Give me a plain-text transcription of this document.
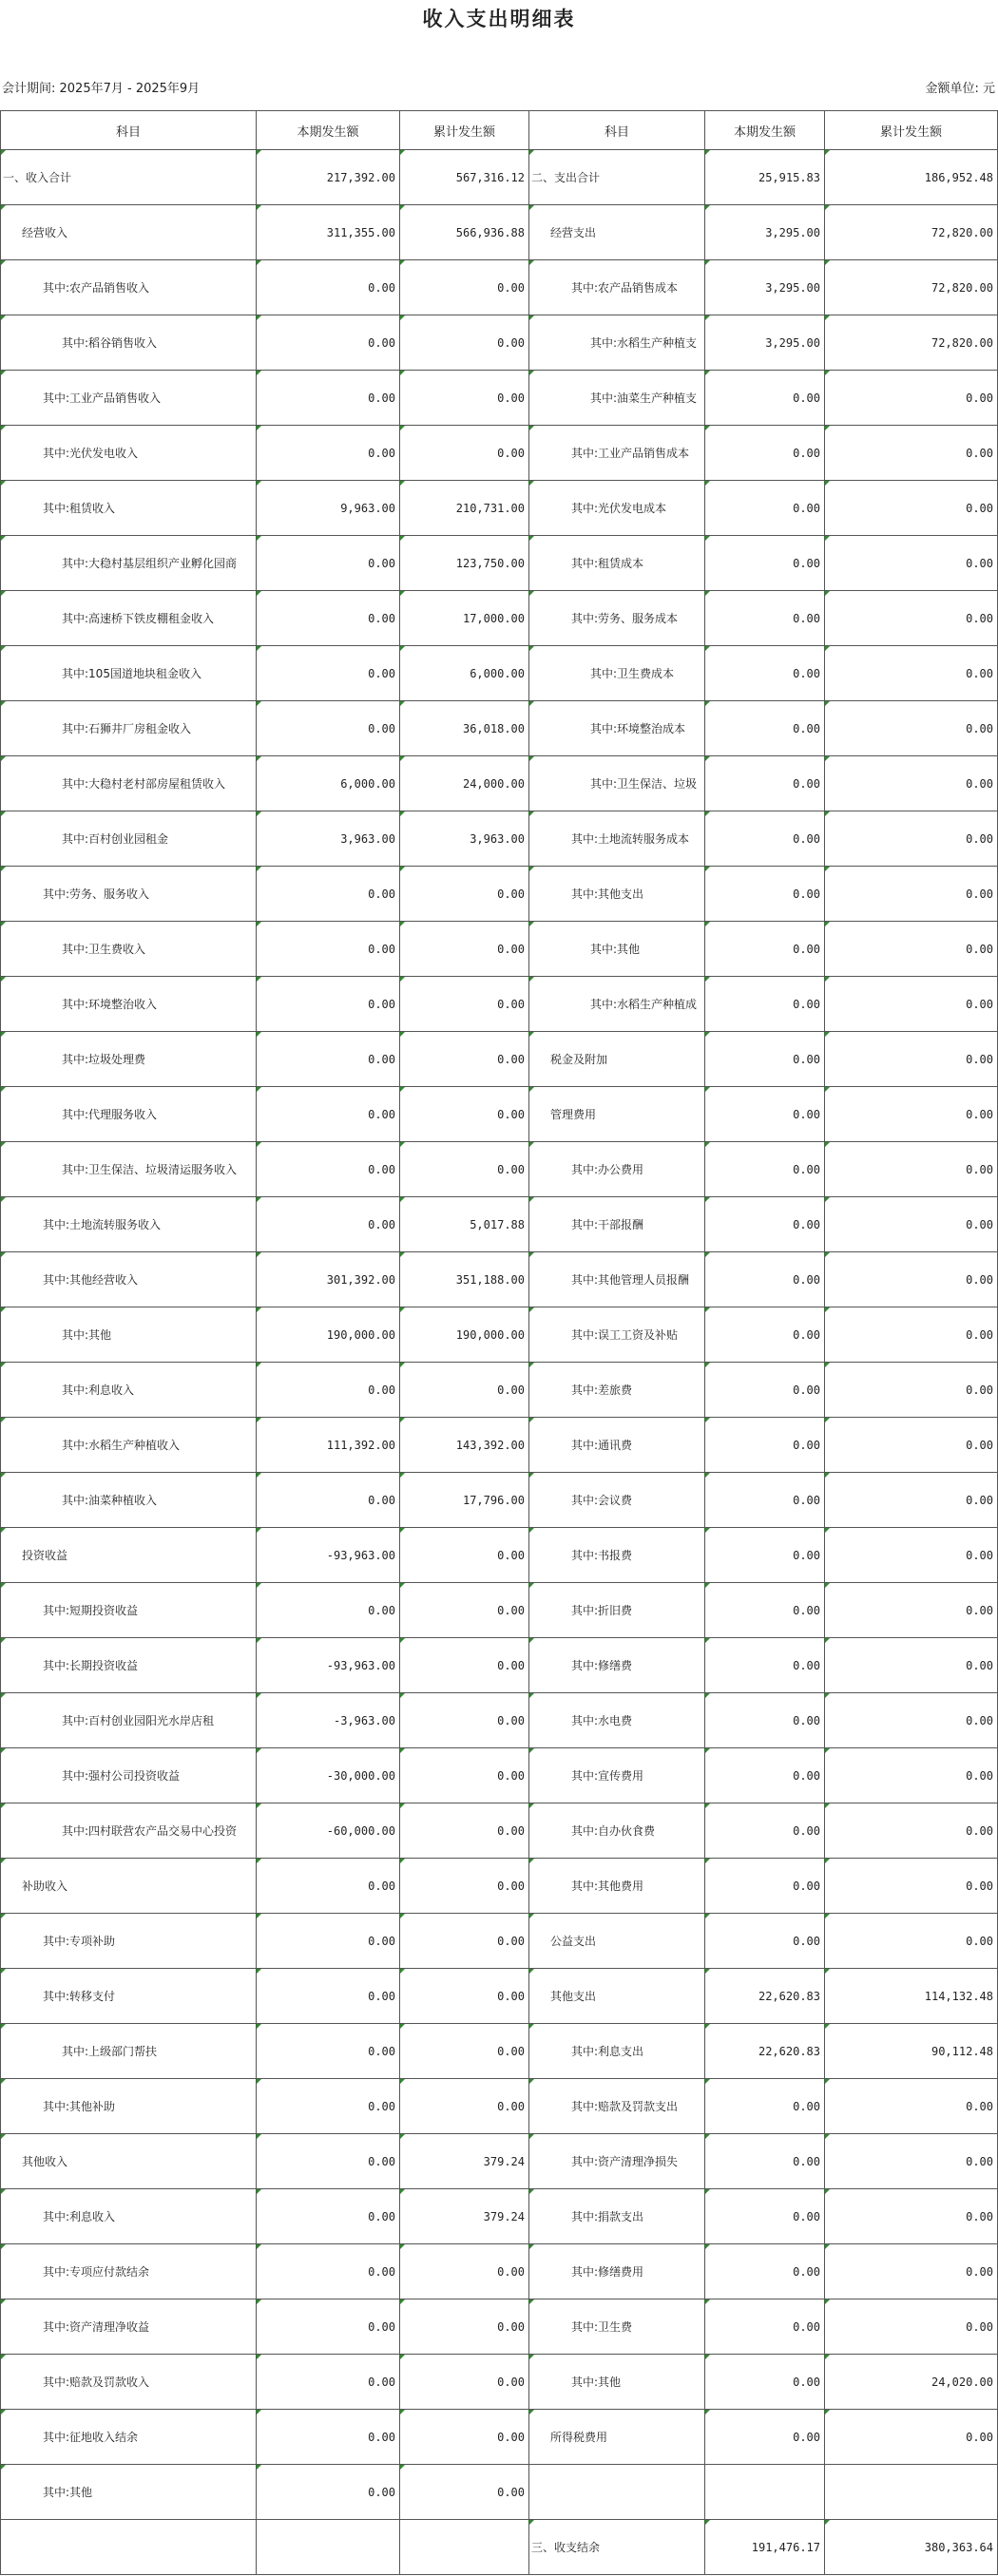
收入支出明细表
会计期间: 2025年7月 - 2025年9月	金额单位: 元
科目	本期发生额	累计发生额	科目	本期发生额	累计发生额
一、收入合计	217,392.00	567,316.12	二、支出合计	25,915.83	186,952.48
经营收入	311,355.00	566,936.88	经营支出	3,295.00	72,820.00
其中:农产品销售收入	0.00	0.00	其中:农产品销售成本	3,295.00	72,820.00
其中:稻谷销售收入	0.00	0.00	其中:水稻生产种植支	3,295.00	72,820.00
其中:工业产品销售收入	0.00	0.00	其中:油菜生产种植支	0.00	0.00
其中:光伏发电收入	0.00	0.00	其中:工业产品销售成本	0.00	0.00
其中:租赁收入	9,963.00	210,731.00	其中:光伏发电成本	0.00	0.00
其中:大稳村基层组织产业孵化园商	0.00	123,750.00	其中:租赁成本	0.00	0.00
其中:高速桥下铁皮棚租金收入	0.00	17,000.00	其中:劳务、服务成本	0.00	0.00
其中:105国道地块租金收入	0.00	6,000.00	其中:卫生费成本	0.00	0.00
其中:石狮井厂房租金收入	0.00	36,018.00	其中:环境整治成本	0.00	0.00
其中:大稳村老村部房屋租赁收入	6,000.00	24,000.00	其中:卫生保洁、垃圾	0.00	0.00
其中:百村创业园租金	3,963.00	3,963.00	其中:土地流转服务成本	0.00	0.00
其中:劳务、服务收入	0.00	0.00	其中:其他支出	0.00	0.00
其中:卫生费收入	0.00	0.00	其中:其他	0.00	0.00
其中:环境整治收入	0.00	0.00	其中:水稻生产种植成	0.00	0.00
其中:垃圾处理费	0.00	0.00	税金及附加	0.00	0.00
其中:代理服务收入	0.00	0.00	管理费用	0.00	0.00
其中:卫生保洁、垃圾清运服务收入	0.00	0.00	其中:办公费用	0.00	0.00
其中:土地流转服务收入	0.00	5,017.88	其中:干部报酬	0.00	0.00
其中:其他经营收入	301,392.00	351,188.00	其中:其他管理人员报酬	0.00	0.00
其中:其他	190,000.00	190,000.00	其中:误工工资及补贴	0.00	0.00
其中:利息收入	0.00	0.00	其中:差旅费	0.00	0.00
其中:水稻生产种植收入	111,392.00	143,392.00	其中:通讯费	0.00	0.00
其中:油菜种植收入	0.00	17,796.00	其中:会议费	0.00	0.00
投资收益	-93,963.00	0.00	其中:书报费	0.00	0.00
其中:短期投资收益	0.00	0.00	其中:折旧费	0.00	0.00
其中:长期投资收益	-93,963.00	0.00	其中:修缮费	0.00	0.00
其中:百村创业园阳光水岸店租	-3,963.00	0.00	其中:水电费	0.00	0.00
其中:强村公司投资收益	-30,000.00	0.00	其中:宣传费用	0.00	0.00
其中:四村联营农产品交易中心投资	-60,000.00	0.00	其中:自办伙食费	0.00	0.00
补助收入	0.00	0.00	其中:其他费用	0.00	0.00
其中:专项补助	0.00	0.00	公益支出	0.00	0.00
其中:转移支付	0.00	0.00	其他支出	22,620.83	114,132.48
其中:上级部门帮扶	0.00	0.00	其中:利息支出	22,620.83	90,112.48
其中:其他补助	0.00	0.00	其中:赔款及罚款支出	0.00	0.00
其他收入	0.00	379.24	其中:资产清理净损失	0.00	0.00
其中:利息收入	0.00	379.24	其中:捐款支出	0.00	0.00
其中:专项应付款结余	0.00	0.00	其中:修缮费用	0.00	0.00
其中:资产清理净收益	0.00	0.00	其中:卫生费	0.00	0.00
其中:赔款及罚款收入	0.00	0.00	其中:其他	0.00	24,020.00
其中:征地收入结余	0.00	0.00	所得税费用	0.00	0.00
其中:其他	0.00	0.00			
			三、收支结余	191,476.17	380,363.64
